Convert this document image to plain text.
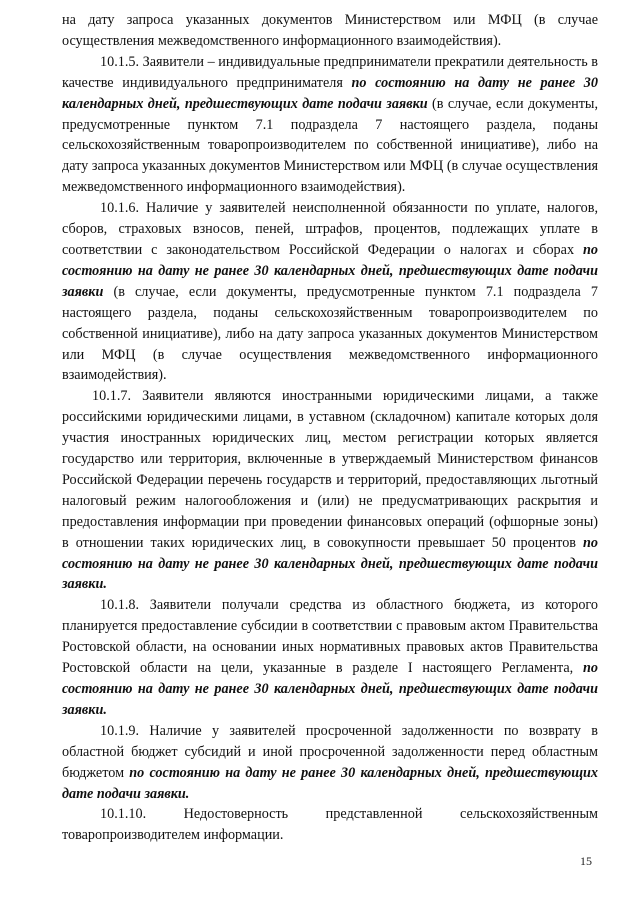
на дату запроса указанных документов Министерством или МФЦ (в случае осуществления межведомственного информационного взаимодействия).

10.1.5. Заявители – индивидуальные предприниматели прекратили деятельность в качестве индивидуального предпринимателя по состоянию на дату не ранее 30 календарных дней, предшествующих дате подачи заявки (в случае, если документы, предусмотренные пунктом 7.1 подраздела 7 настоящего раздела, поданы сельскохозяйственным товаропроизводителем по собственной инициативе), либо на дату запроса указанных документов Министерством или МФЦ (в случае осуществления межведомственного информационного взаимодействия).

10.1.6. Наличие у заявителей неисполненной обязанности по уплате, налогов, сборов, страховых взносов, пеней, штрафов, процентов, подлежащих уплате в соответствии с законодательством Российской Федерации о налогах и сборах по состоянию на дату не ранее 30 календарных дней, предшествующих дате подачи заявки (в случае, если документы, предусмотренные пунктом 7.1 подраздела 7 настоящего раздела, поданы сельскохозяйственным товаропроизводителем по собственной инициативе), либо на дату запроса указанных документов Министерством или МФЦ (в случае осуществления межведомственного информационного взаимодействия).

10.1.7. Заявители являются иностранными юридическими лицами, а также российскими юридическими лицами, в уставном (складочном) капитале которых доля участия иностранных юридических лиц, местом регистрации которых является государство или территория, включенные в утверждаемый Министерством финансов Российской Федерации перечень государств и территорий, предоставляющих льготный налоговый режим налогообложения и (или) не предусматривающих раскрытия и предоставления информации при проведении финансовых операций (офшорные зоны) в отношении таких юридических лиц, в совокупности превышает 50 процентов по состоянию на дату не ранее 30 календарных дней, предшествующих дате подачи заявки.

10.1.8. Заявители получали средства из областного бюджета, из которого планируется предоставление субсидии в соответствии с правовым актом Правительства Ростовской области, на основании иных нормативных правовых актов Правительства Ростовской области на цели, указанные в разделе I настоящего Регламента, по состоянию на дату не ранее 30 календарных дней, предшествующих дате подачи заявки.

10.1.9. Наличие у заявителей просроченной задолженности по возврату в областной бюджет субсидий и иной просроченной задолженности перед областным бюджетом по состоянию на дату не ранее 30 календарных дней, предшествующих дате подачи заявки.

10.1.10. Недостоверность представленной сельскохозяйственным товаропроизводителем информации.

15
